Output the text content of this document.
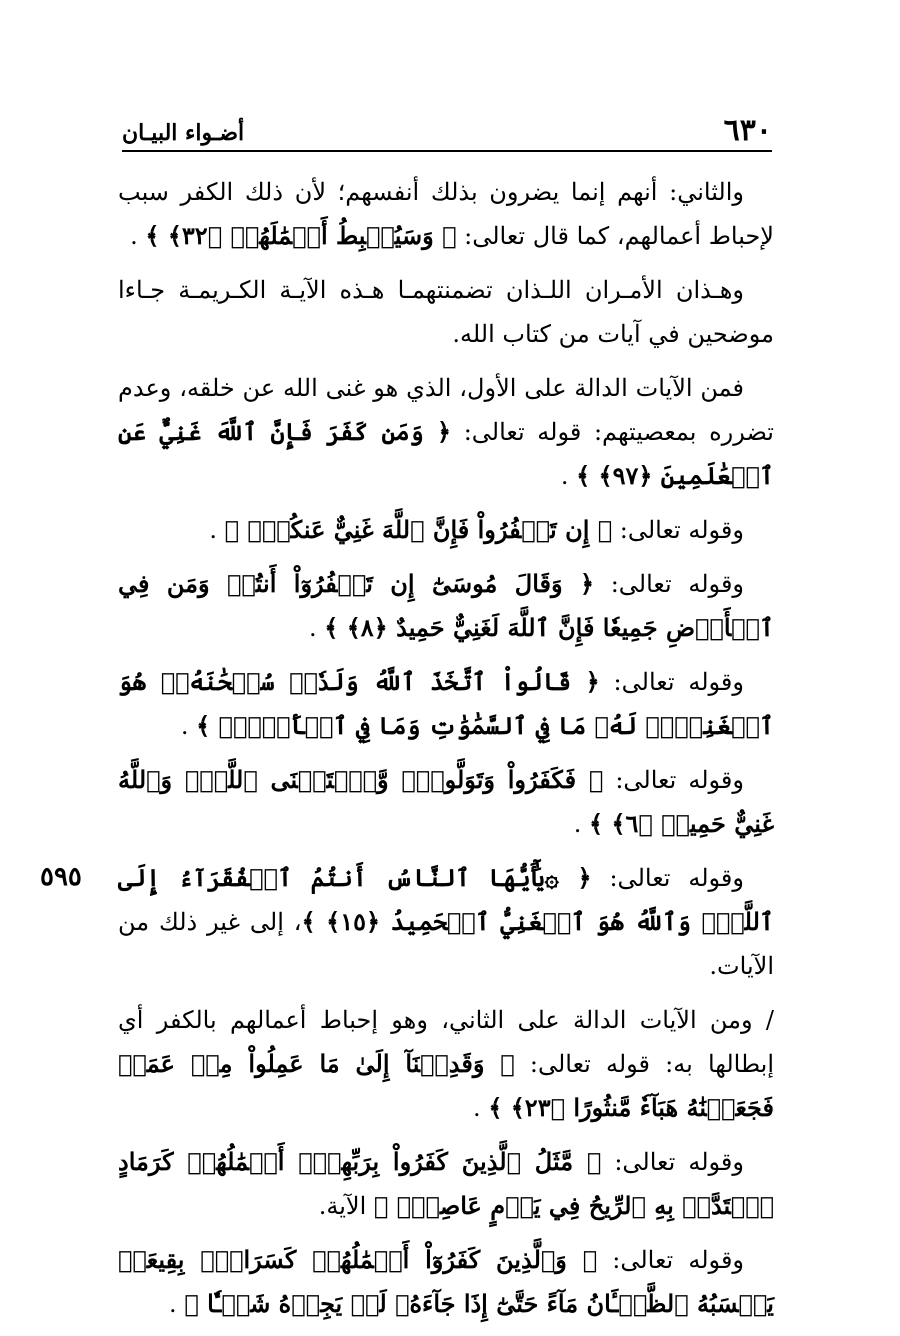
٦٣٠
أضـواء البيـان
٥٩٥

والثاني: أنهم إنما يضرون بذلك أنفسهم؛ لأن ذلك الكفر سبب لإحباط أعمالهم، كما قال تعالى: ﴿ وَسَيُحۡبِطُ أَعۡمَٰلَهُمۡ ﴿٣٢﴾ ﴾ .

وهـذان الأمـران اللـذان تضمنتهمـا هـذه الآيـة الكـريمـة جـاءا موضحين في آيات من كتاب الله.

فمن الآيات الدالة على الأول، الذي هو غنى الله عن خلقه، وعدم تضرره بمعصيتهم: قوله تعالى: ﴿ وَمَن كَفَرَ فَإِنَّ ٱللَّهَ غَنِيٌّ عَنِ ٱلۡعَٰلَمِينَ ﴿٩٧﴾ ﴾ .

وقوله تعالى: ﴿ إِن تَكۡفُرُواْ فَإِنَّ ٱللَّهَ غَنِيٌّ عَنكُمۡۖ ﴾ .

وقوله تعالى: ﴿ وَقَالَ مُوسَىٰٓ إِن تَكۡفُرُوٓاْ أَنتُمۡ وَمَن فِي ٱلۡأَرۡضِ جَمِيعٗا فَإِنَّ ٱللَّهَ لَغَنِيٌّ حَمِيدٌ ﴿٨﴾ ﴾ .

وقوله تعالى: ﴿ قَالُواْ ٱتَّخَذَ ٱللَّهُ وَلَدٗاۗ سُبۡحَٰنَهُۥۖ هُوَ ٱلۡغَنِيُّۖ لَهُۥ مَا فِي ٱلسَّمَٰوَٰتِ وَمَا فِي ٱلۡأَرۡضِۚ ﴾ .

وقوله تعالى: ﴿ فَكَفَرُواْ وَتَوَلَّواْۚ وَّٱسۡتَغۡنَى ٱللَّهُۚ وَٱللَّهُ غَنِيٌّ حَمِيدٞ ﴿٦﴾ ﴾ .

وقوله تعالى: ﴿ ۞يَٰٓأَيُّهَا ٱلنَّاسُ أَنتُمُ ٱلۡفُقَرَآءُ إِلَى ٱللَّهِۖ وَٱللَّهُ هُوَ ٱلۡغَنِيُّ ٱلۡحَمِيدُ ﴿١٥﴾ ﴾، إلى غير ذلك من الآيات.

/ ومن الآيات الدالة على الثاني، وهو إحباط أعمالهم بالكفر أي إبطالها به: قوله تعالى: ﴿ وَقَدِمۡنَآ إِلَىٰ مَا عَمِلُواْ مِنۡ عَمَلٖ فَجَعَلۡنَٰهُ هَبَآءٗ مَّنثُورًا ﴿٢٣﴾ ﴾ .

وقوله تعالى: ﴿ مَّثَلُ ٱلَّذِينَ كَفَرُواْ بِرَبِّهِمۡۖ أَعۡمَٰلُهُمۡ كَرَمَادٍ ٱشۡتَدَّتۡ بِهِ ٱلرِّيحُ فِي يَوۡمٍ عَاصِفٖۖ ﴾ الآية.

وقوله تعالى: ﴿ وَٱلَّذِينَ كَفَرُوٓاْ أَعۡمَٰلُهُمۡ كَسَرَابِۭ بِقِيعَةٖ يَحۡسَبُهُ ٱلظَّمۡـَٔانُ مَآءً حَتَّىٰٓ إِذَا جَآءَهُۥ لَمۡ يَجِدۡهُ شَيۡـٔٗا ﴾ .
